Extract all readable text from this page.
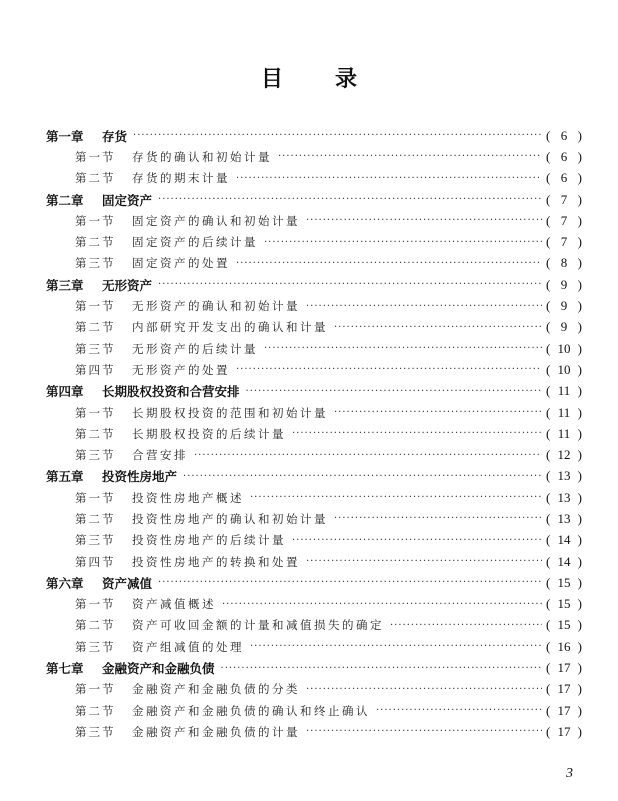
目 录
第一章	存货 ·····	( 6 )
第一节	存货的确认和初始计量 ·····	( 6 )
第二节	存货的期末计量 ·····	( 6 )
第二章	固定资产 ·····	( 7 )
第一节	固定资产的确认和初始计量 ·····	( 7 )
第二节	固定资产的后续计量 ·····	( 7 )
第三节	固定资产的处置 ·····	( 8 )
第三章	无形资产 ·····	( 9 )
第一节	无形资产的确认和初始计量 ·····	( 9 )
第二节	内部研究开发支出的确认和计量 ·····	( 9 )
第三节	无形资产的后续计量 ·····	( 10 )
第四节	无形资产的处置 ·····	( 10 )
第四章	长期股权投资和合营安排 ·····	( 11 )
第一节	长期股权投资的范围和初始计量 ·····	( 11 )
第二节	长期股权投资的后续计量 ·····	( 11 )
第三节	合营安排 ·····	( 12 )
第五章	投资性房地产 ·····	( 13 )
第一节	投资性房地产概述 ·····	( 13 )
第二节	投资性房地产的确认和初始计量 ·····	( 13 )
第三节	投资性房地产的后续计量 ·····	( 14 )
第四节	投资性房地产的转换和处置 ·····	( 14 )
第六章	资产减值 ·····	( 15 )
第一节	资产减值概述 ·····	( 15 )
第二节	资产可收回金额的计量和减值损失的确定 ·····	( 15 )
第三节	资产组减值的处理 ·····	( 16 )
第七章	金融资产和金融负债 ·····	( 17 )
第一节	金融资产和金融负债的分类 ·····	( 17 )
第二节	金融资产和金融负债的确认和终止确认 ·····	( 17 )
第三节	金融资产和金融负债的计量 ·····	( 17 )
3
